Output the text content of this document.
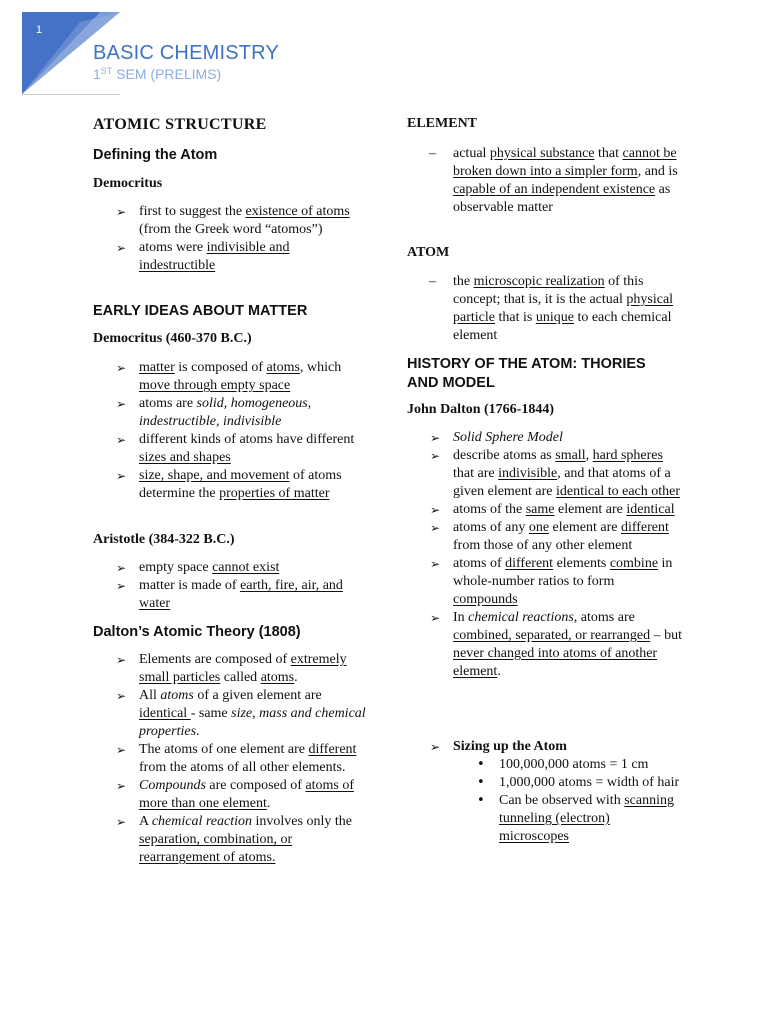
1
BASIC CHEMISTRY
1ST SEM (PRELIMS)
ATOMIC STRUCTURE
Defining the Atom
Democritus
➢ first to suggest the existence of atoms (from the Greek word “atomos”)
➢ atoms were indivisible and indestructible
EARLY IDEAS ABOUT MATTER
Democritus (460-370 B.C.)
➢ matter is composed of atoms, which move through empty space
➢ atoms are solid, homogeneous, indestructible, indivisible
➢ different kinds of atoms have different sizes and shapes
➢ size, shape, and movement of atoms determine the properties of matter
Aristotle (384-322 B.C.)
➢ empty space cannot exist
➢ matter is made of earth, fire, air, and water
Dalton’s Atomic Theory (1808)
➢ Elements are composed of extremely small particles called atoms.
➢ All atoms of a given element are identical - same size, mass and chemical properties.
➢ The atoms of one element are different from the atoms of all other elements.
➢ Compounds are composed of atoms of more than one element.
➢ A chemical reaction involves only the separation, combination, or rearrangement of atoms.
ELEMENT
– actual physical substance that cannot be broken down into a simpler form, and is capable of an independent existence as observable matter
ATOM
– the microscopic realization of this concept; that is, it is the actual physical particle that is unique to each chemical element
HISTORY OF THE ATOM: THORIES AND MODEL
John Dalton (1766-1844)
➢ Solid Sphere Model
➢ describe atoms as small, hard spheres that are indivisible, and that atoms of a given element are identical to each other
➢ atoms of the same element are identical
➢ atoms of any one element are different from those of any other element
➢ atoms of different elements combine in whole-number ratios to form compounds
➢ In chemical reactions, atoms are combined, separated, or rearranged – but never changed into atoms of another element.
➢ Sizing up the Atom
• 100,000,000 atoms = 1 cm
• 1,000,000 atoms = width of hair
• Can be observed with scanning tunneling (electron) microscopes
